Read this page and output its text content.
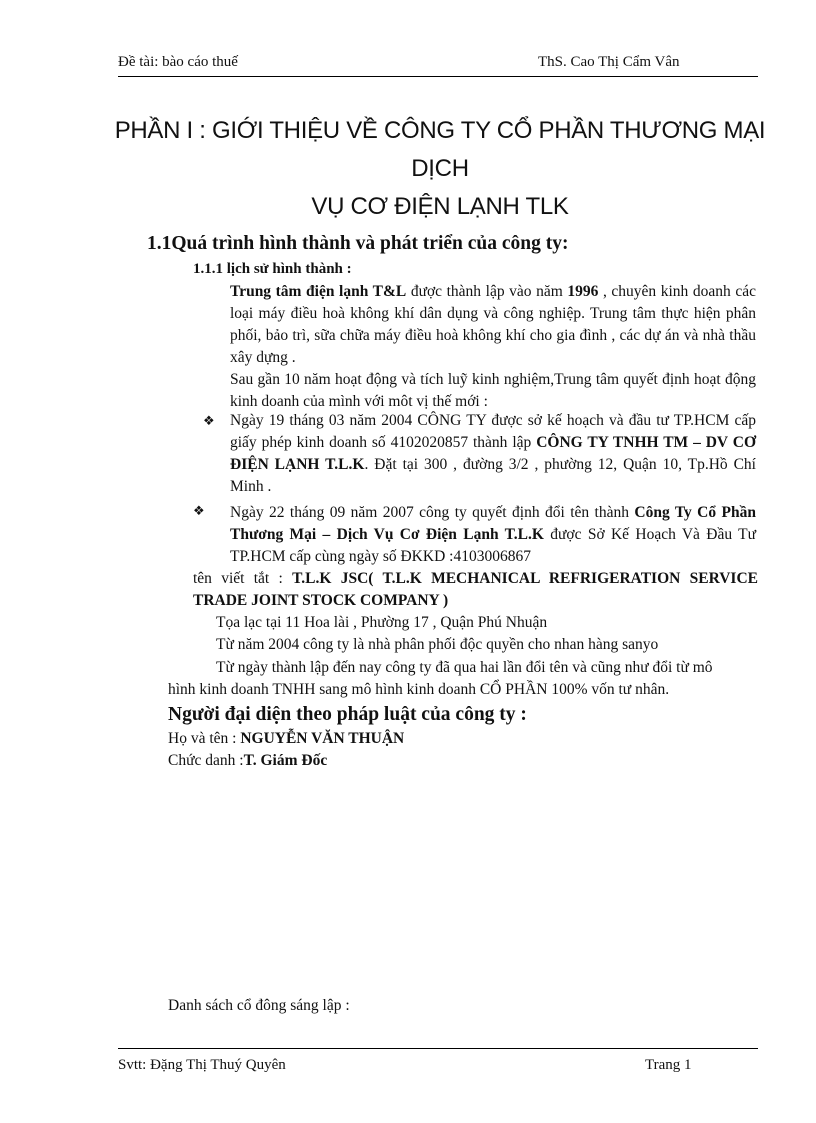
Đề tài: bào cáo thuế	ThS. Cao Thị Cẩm Vân
PHẦN I : GIỚI THIỆU VỀ CÔNG TY CỔ PHẦN THƯƠNG MẠI DỊCH
VỤ CƠ ĐIỆN LẠNH TLK
1.1Quá trình hình thành và phát triển của công ty:
1.1.1 lịch sử hình thành :
Trung tâm điện lạnh T&L được thành lập vào năm 1996 , chuyên kinh doanh các loại máy điều hoà không khí dân dụng và công nghiệp. Trung tâm thực hiện phân phối, bảo trì, sữa chữa máy điều hoà không khí cho gia đình , các dự án và nhà thầu xây dựng .
Sau gần 10 năm hoạt động và tích luỹ kinh nghiệm,Trung tâm quyết định hoạt động kinh doanh của mình với môt vị thế mới :
❖ Ngày 19 tháng 03 năm 2004 CÔNG TY được sở kế hoạch và đầu tư TP.HCM cấp giấy phép kinh doanh số 4102020857 thành lập CÔNG TY TNHH TM – DV CƠ ĐIỆN LẠNH T.L.K. Đặt tại 300 , đường 3/2 , phường 12, Quận 10, Tp.Hồ Chí Minh .
❖ Ngày 22 tháng 09 năm 2007 công ty quyết định đổi tên thành Công Ty Cổ Phần Thương Mại – Dịch Vụ Cơ Điện Lạnh T.L.K được Sở Kế Hoạch Và Đầu Tư TP.HCM cấp cùng ngày số ĐKKD :4103006867
tên viết tắt : T.L.K JSC( T.L.K MECHANICAL REFRIGERATION SERVICE TRADE JOINT STOCK COMPANY )
Tọa lạc tại 11 Hoa lài , Phường 17 , Quận Phú Nhuận
Từ năm 2004 công ty là nhà phân phối độc quyền cho nhan hàng sanyo
Từ ngày thành lập đến nay công ty đã qua hai lần đổi tên và cũng như đổi từ mô
hình kinh doanh TNHH sang mô hình kinh doanh CỔ PHẦN 100% vốn tư nhân.
Người đại diện theo pháp luật của công ty :
Họ và tên : NGUYỄN VĂN THUẬN
Chức danh :T. Giám Đốc
Danh sách cổ đông sáng lập :
Svtt: Đặng Thị Thuý Quyên	Trang 1
